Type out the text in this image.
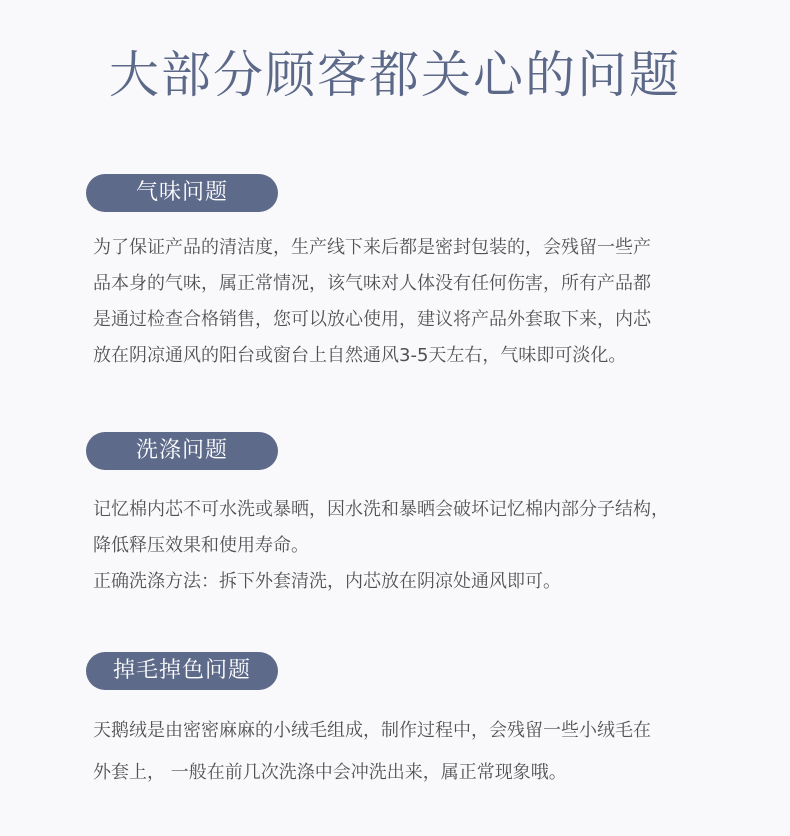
大部分顾客都关心的问题
气味问题

为了保证产品的清洁度，生产线下来后都是密封包装的，会残留一些产
品本身的气味，属正常情况，该气味对人体没有任何伤害，所有产品都
是通过检查合格销售，您可以放心使用，建议将产品外套取下来，内芯
放在阴凉通风的阳台或窗台上自然通风3-5天左右，气味即可淡化。

洗涤问题

记忆棉内芯不可水洗或暴晒，因水洗和暴晒会破坏记忆棉内部分子结构，
降低释压效果和使用寿命。
正确洗涤方法：拆下外套清洗，内芯放在阴凉处通风即可。

掉毛掉色问题

天鹅绒是由密密麻麻的小绒毛组成，制作过程中，会残留一些小绒毛在
外套上， 一般在前几次洗涤中会冲洗出来，属正常现象哦。
